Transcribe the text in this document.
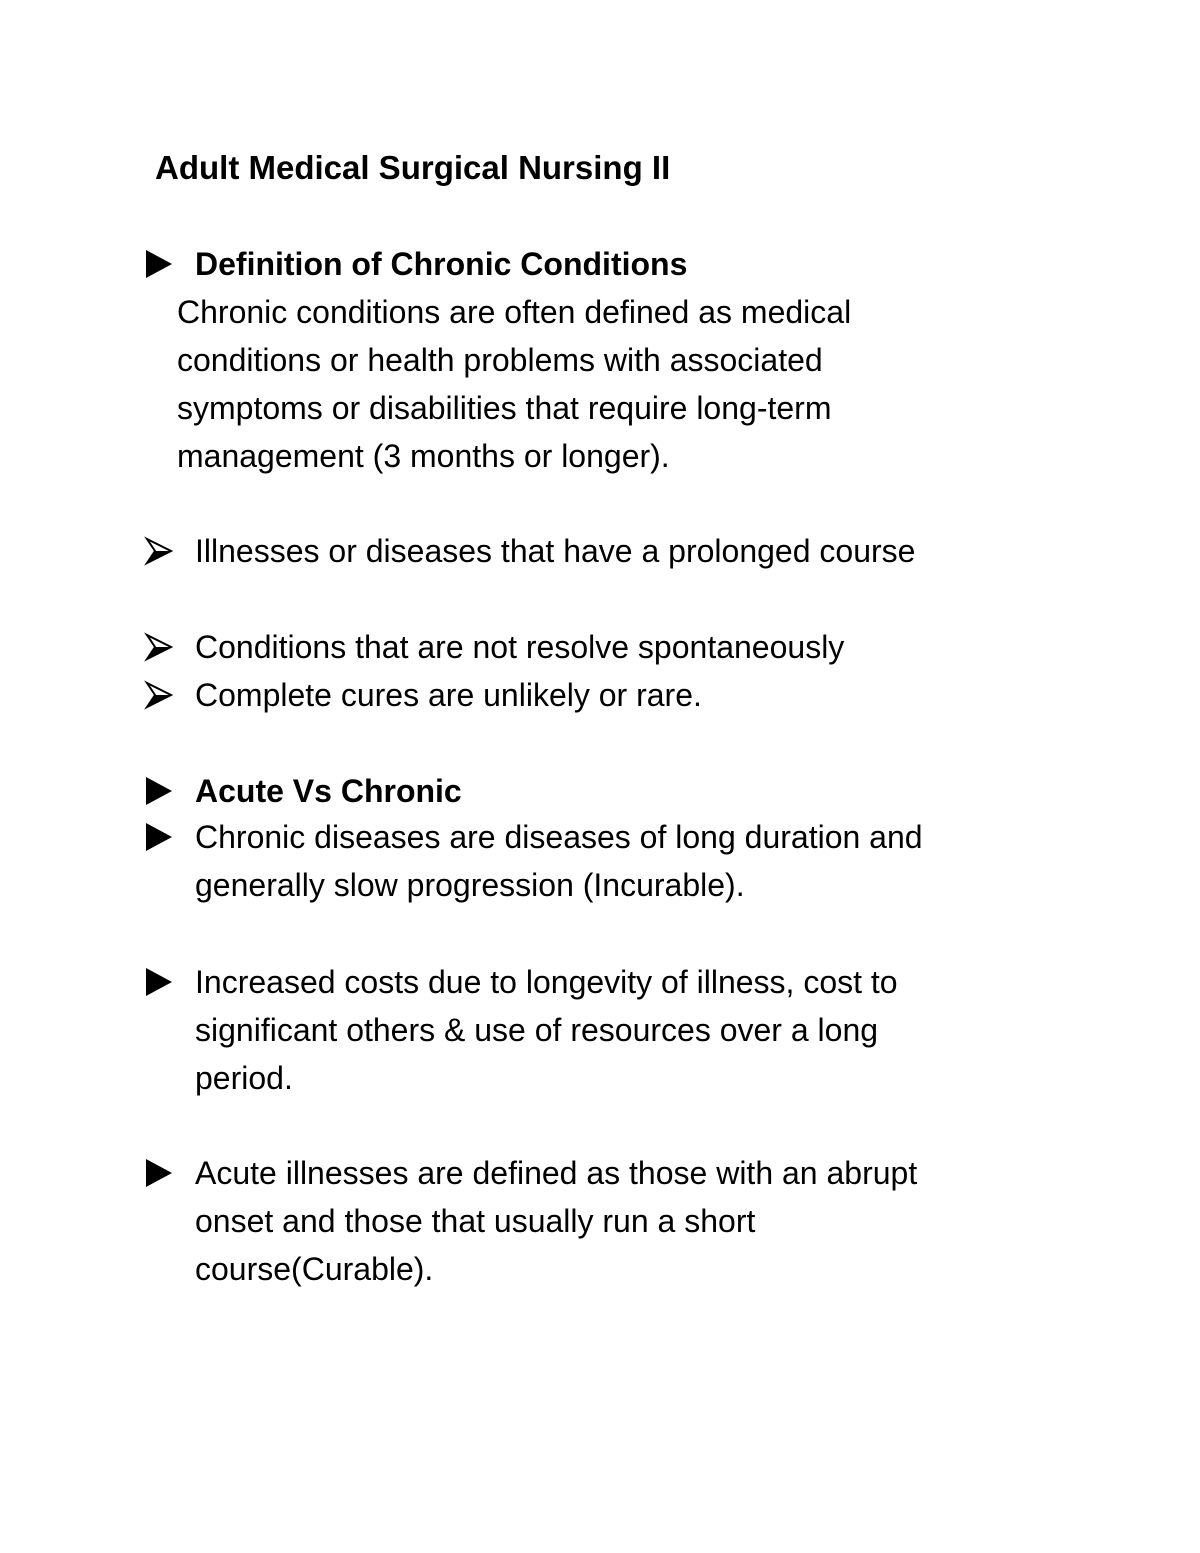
Adult Medical Surgical Nursing II
Definition of Chronic Conditions
Chronic conditions are often defined as medical
conditions or health problems with associated
symptoms or disabilities that require long-term
management (3 months or longer).
Illnesses or diseases that have a prolonged course
Conditions that are not resolve spontaneously
Complete cures are unlikely or rare.
Acute Vs Chronic
Chronic diseases are diseases of long duration and
generally slow progression (Incurable).
Increased costs due to longevity of illness, cost to
significant others & use of resources over a long
period.
Acute illnesses are defined as those with an abrupt
onset and those that usually run a short
course(Curable).
